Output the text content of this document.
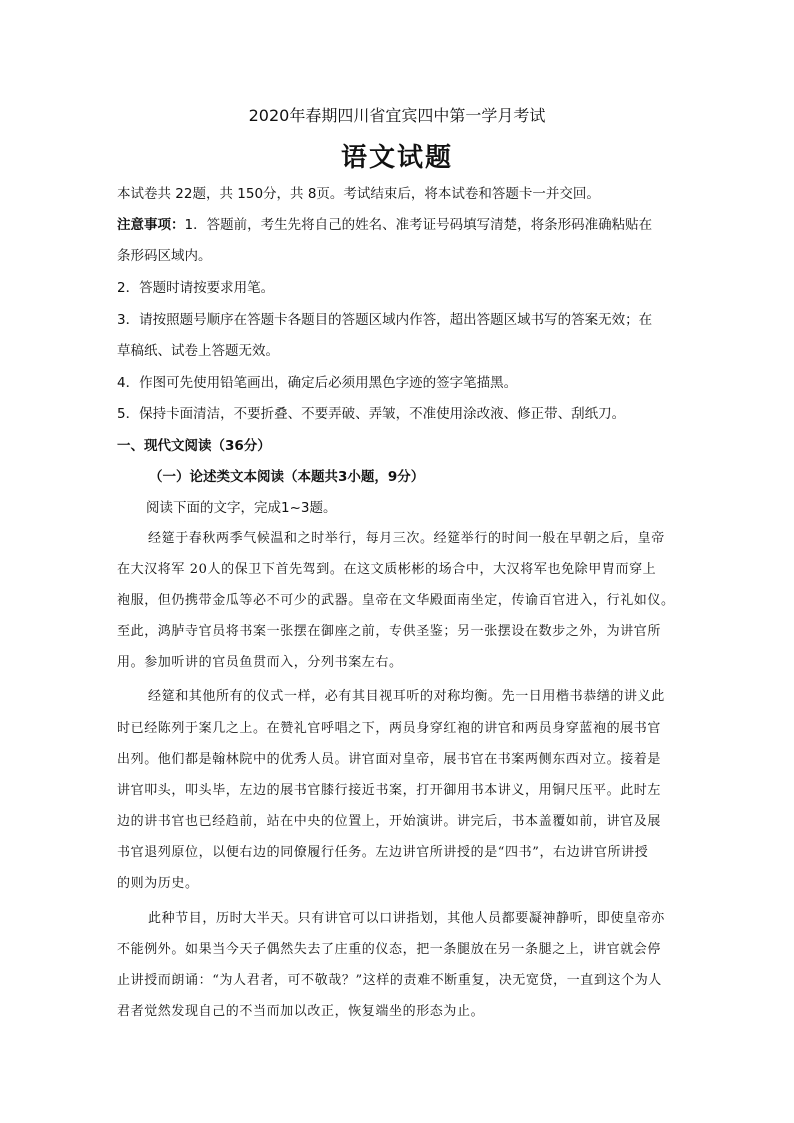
2020年春期四川省宜宾四中第一学月考试
语文试题
本试卷共 22题，共 150分，共 8页。考试结束后，将本试卷和答题卡一并交回。
注意事项：1．答题前，考生先将自己的姓名、准考证号码填写清楚，将条形码准确粘贴在
条形码区域内。
2．答题时请按要求用笔。
3．请按照题号顺序在答题卡各题目的答题区域内作答，超出答题区域书写的答案无效；在
草稿纸、试卷上答题无效。
4．作图可先使用铅笔画出，确定后必须用黑色字迹的签字笔描黑。
5．保持卡面清洁，不要折叠、不要弄破、弄皱，不准使用涂改液、修正带、刮纸刀。
一、现代文阅读（36分）
（一）论述类文本阅读（本题共3小题，9分）
阅读下面的文字，完成1~3题。
经筵于春秋两季气候温和之时举行，每月三次。经筵举行的时间一般在早朝之后，皇帝
在大汉将军 20人的保卫下首先驾到。在这文质彬彬的场合中，大汉将军也免除甲胄而穿上
袍服，但仍携带金瓜等必不可少的武器。皇帝在文华殿面南坐定，传谕百官进入，行礼如仪。
至此，鸿胪寺官员将书案一张摆在御座之前，专供圣鉴；另一张摆设在数步之外，为讲官所
用。参加听讲的官员鱼贯而入，分列书案左右。
经筵和其他所有的仪式一样，必有其目视耳听的对称均衡。先一日用楷书恭缮的讲义此
时已经陈列于案几之上。在赞礼官呼唱之下，两员身穿红袍的讲官和两员身穿蓝袍的展书官
出列。他们都是翰林院中的优秀人员。讲官面对皇帝，展书官在书案两侧东西对立。接着是
讲官叩头，叩头毕，左边的展书官膝行接近书案，打开御用书本讲义，用铜尺压平。此时左
边的讲书官也已经趋前，站在中央的位置上，开始演讲。讲完后，书本盖覆如前，讲官及展
书官退列原位，以便右边的同僚履行任务。左边讲官所讲授的是“四书”，右边讲官所讲授
的则为历史。
此种节目，历时大半天。只有讲官可以口讲指划，其他人员都要凝神静听，即使皇帝亦
不能例外。如果当今天子偶然失去了庄重的仪态，把一条腿放在另一条腿之上，讲官就会停
止讲授而朗诵：“为人君者，可不敬哉？”这样的责难不断重复，决无宽贷，一直到这个为人
君者觉然发现自己的不当而加以改正，恢复端坐的形态为止。
